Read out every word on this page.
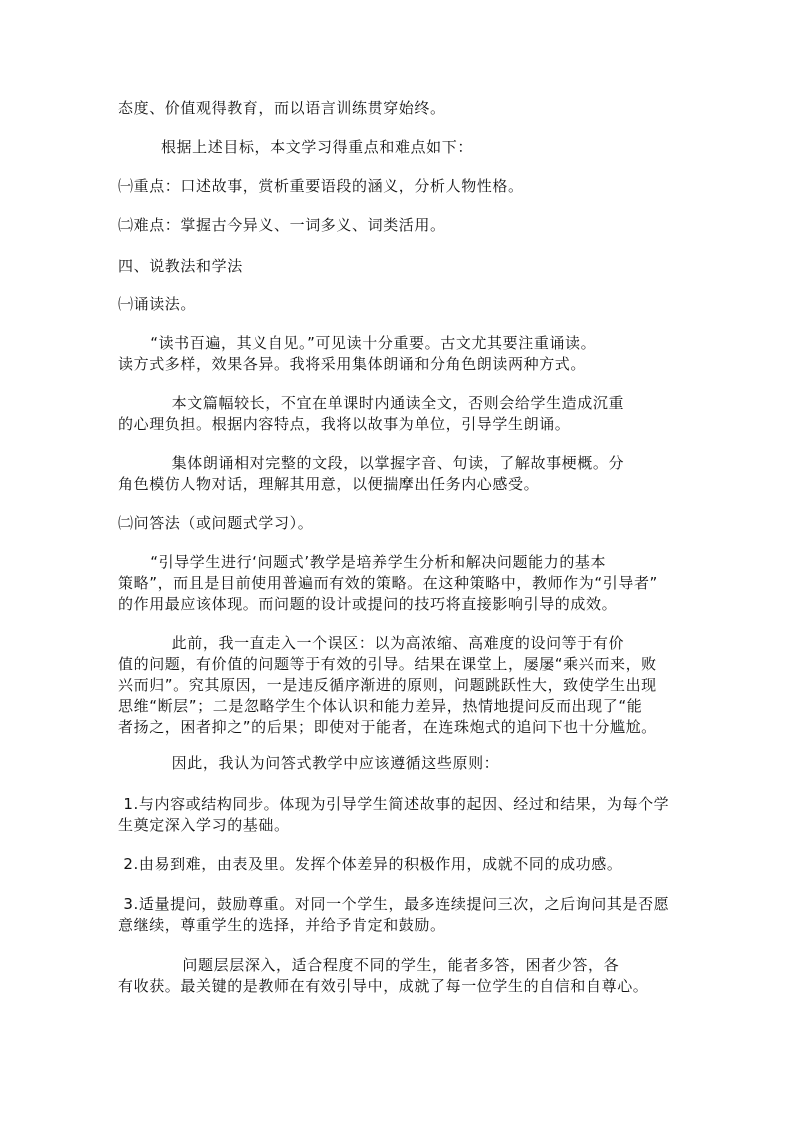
态度、价值观得教育，而以语言训练贯穿始终。
根据上述目标，本文学习得重点和难点如下：
㈠重点：口述故事，赏析重要语段的涵义，分析人物性格。
㈡难点：掌握古今异义、一词多义、词类活用。
四、说教法和学法
㈠诵读法。
“读书百遍，其义自见。”可见读十分重要。古文尤其要注重诵读。
读方式多样，效果各异。我将采用集体朗诵和分角色朗读两种方式。
本文篇幅较长，不宜在单课时内通读全文，否则会给学生造成沉重
的心理负担。根据内容特点，我将以故事为单位，引导学生朗诵。
集体朗诵相对完整的文段，以掌握字音、句读，了解故事梗概。分
角色模仿人物对话，理解其用意，以便揣摩出任务内心感受。
㈡问答法（或问题式学习）。
“引导学生进行‘问题式’教学是培养学生分析和解决问题能力的基本
策略”，而且是目前使用普遍而有效的策略。在这种策略中，教师作为“引导者”
的作用最应该体现。而问题的设计或提问的技巧将直接影响引导的成效。
此前，我一直走入一个误区：以为高浓缩、高难度的设问等于有价
值的问题，有价值的问题等于有效的引导。结果在课堂上，屡屡“乘兴而来，败
兴而归”。究其原因，一是违反循序渐进的原则，问题跳跃性大，致使学生出现
思维“断层”；二是忽略学生个体认识和能力差异，热情地提问反而出现了“能
者扬之，困者抑之”的后果；即使对于能者，在连珠炮式的追问下也十分尴尬。
因此，我认为问答式教学中应该遵循这些原则：
1.与内容或结构同步。体现为引导学生简述故事的起因、经过和结果，为每个学
生奠定深入学习的基础。
2.由易到难，由表及里。发挥个体差异的积极作用，成就不同的成功感。
3.适量提问，鼓励尊重。对同一个学生，最多连续提问三次，之后询问其是否愿
意继续，尊重学生的选择，并给予肯定和鼓励。
问题层层深入，适合程度不同的学生，能者多答，困者少答，各
有收获。最关键的是教师在有效引导中，成就了每一位学生的自信和自尊心。
